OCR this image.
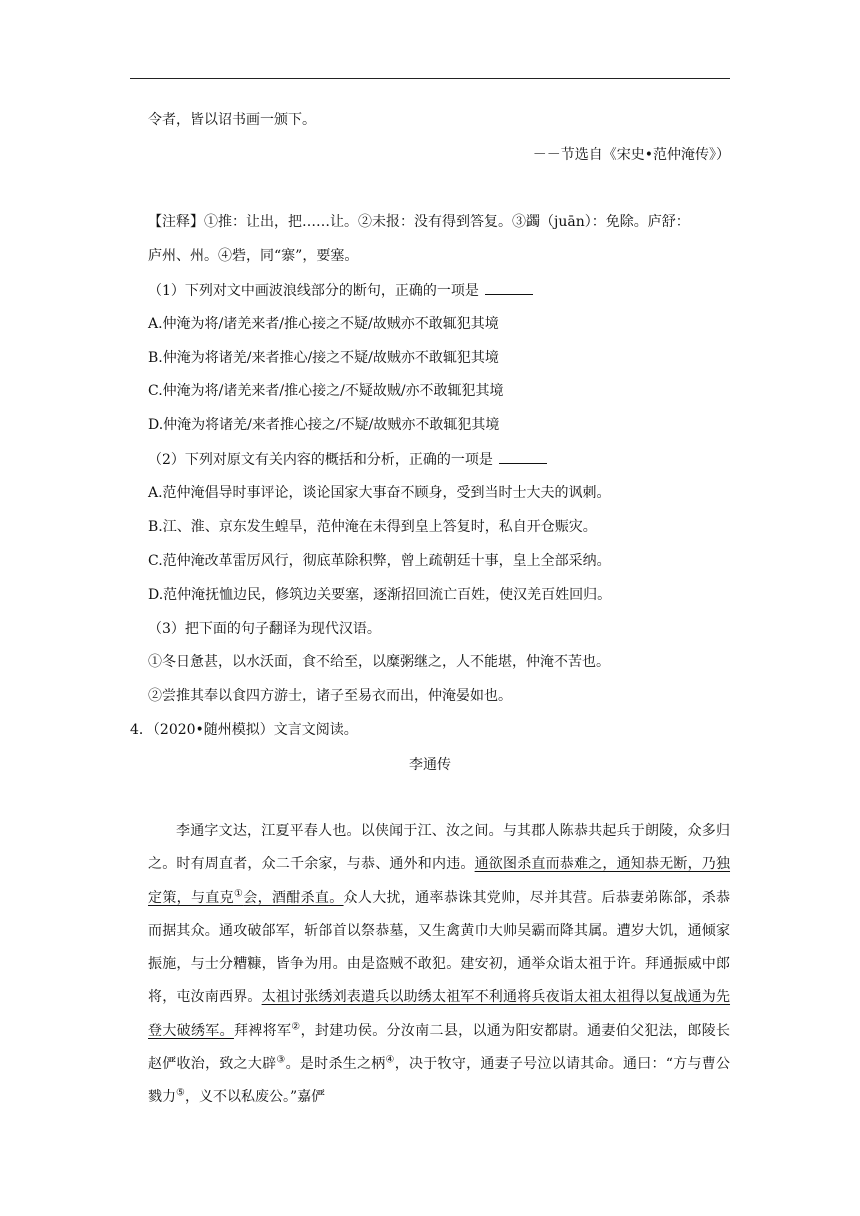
令者，皆以诏书画一颁下。
－－节选自《宋史•范仲淹传》）
【注释】①推：让出，把……让。②未报：没有得到答复。③蠲（juān）：免除。庐舒：
庐州、州。④砦，同“寨”，要塞。
（1）下列对文中画波浪线部分的断句，正确的一项是
A.仲淹为将/诸羌来者/推心接之不疑/故贼亦不敢辄犯其境
B.仲淹为将诸羌/来者推心/接之不疑/故贼亦不敢辄犯其境
C.仲淹为将/诸羌来者/推心接之/不疑故贼/亦不敢辄犯其境
D.仲淹为将诸羌/来者推心接之/不疑/故贼亦不敢辄犯其境
（2）下列对原文有关内容的概括和分析，正确的一项是
A.范仲淹倡导时事评论，谈论国家大事奋不顾身，受到当时士大夫的讽刺。
B.江、淮、京东发生蝗旱，范仲淹在未得到皇上答复时，私自开仓赈灾。
C.范仲淹改革雷厉风行，彻底革除积弊，曾上疏朝廷十事，皇上全部采纳。
D.范仲淹抚恤边民，修筑边关要塞，逐渐招回流亡百姓，使汉羌百姓回归。
（3）把下面的句子翻译为现代汉语。
①冬日惫甚，以水沃面，食不给至，以糜粥继之，人不能堪，仲淹不苦也。
②尝推其奉以食四方游士，诸子至易衣而出，仲淹晏如也。
4．（2020•随州模拟）文言文阅读。
李通传
李通字文达，江夏平春人也。以侠闻于江、汝之间。与其郡人陈恭共起兵于朗陵，众多归之。时有周直者，众二千余家，与恭、通外和内违。通欲图杀直而恭难之，通知恭无断，乃独定策，与直克①会，酒酣杀直。众人大扰，通率恭诛其党帅，尽并其营。后恭妻弟陈郃，杀恭而据其众。通攻破郃军，斩郃首以祭恭墓，又生禽黄巾大帅吴霸而降其属。遭岁大饥，通倾家振施，与士分糟糠，皆争为用。由是盗贼不敢犯。建安初，通举众诣太祖于许。拜通振威中郎将，屯汝南西界。太祖讨张绣刘表遣兵以助绣太祖军不利通将兵夜诣太祖太祖得以复战通为先登大破绣军。拜裨将军②，封建功侯。分汝南二县，以通为阳安都尉。通妻伯父犯法，郎陵长赵俨收治，致之大辟③。是时杀生之柄④，决于牧守，通妻子号泣以请其命。通曰：“方与曹公戮力⑤，义不以私废公。”嘉俨
